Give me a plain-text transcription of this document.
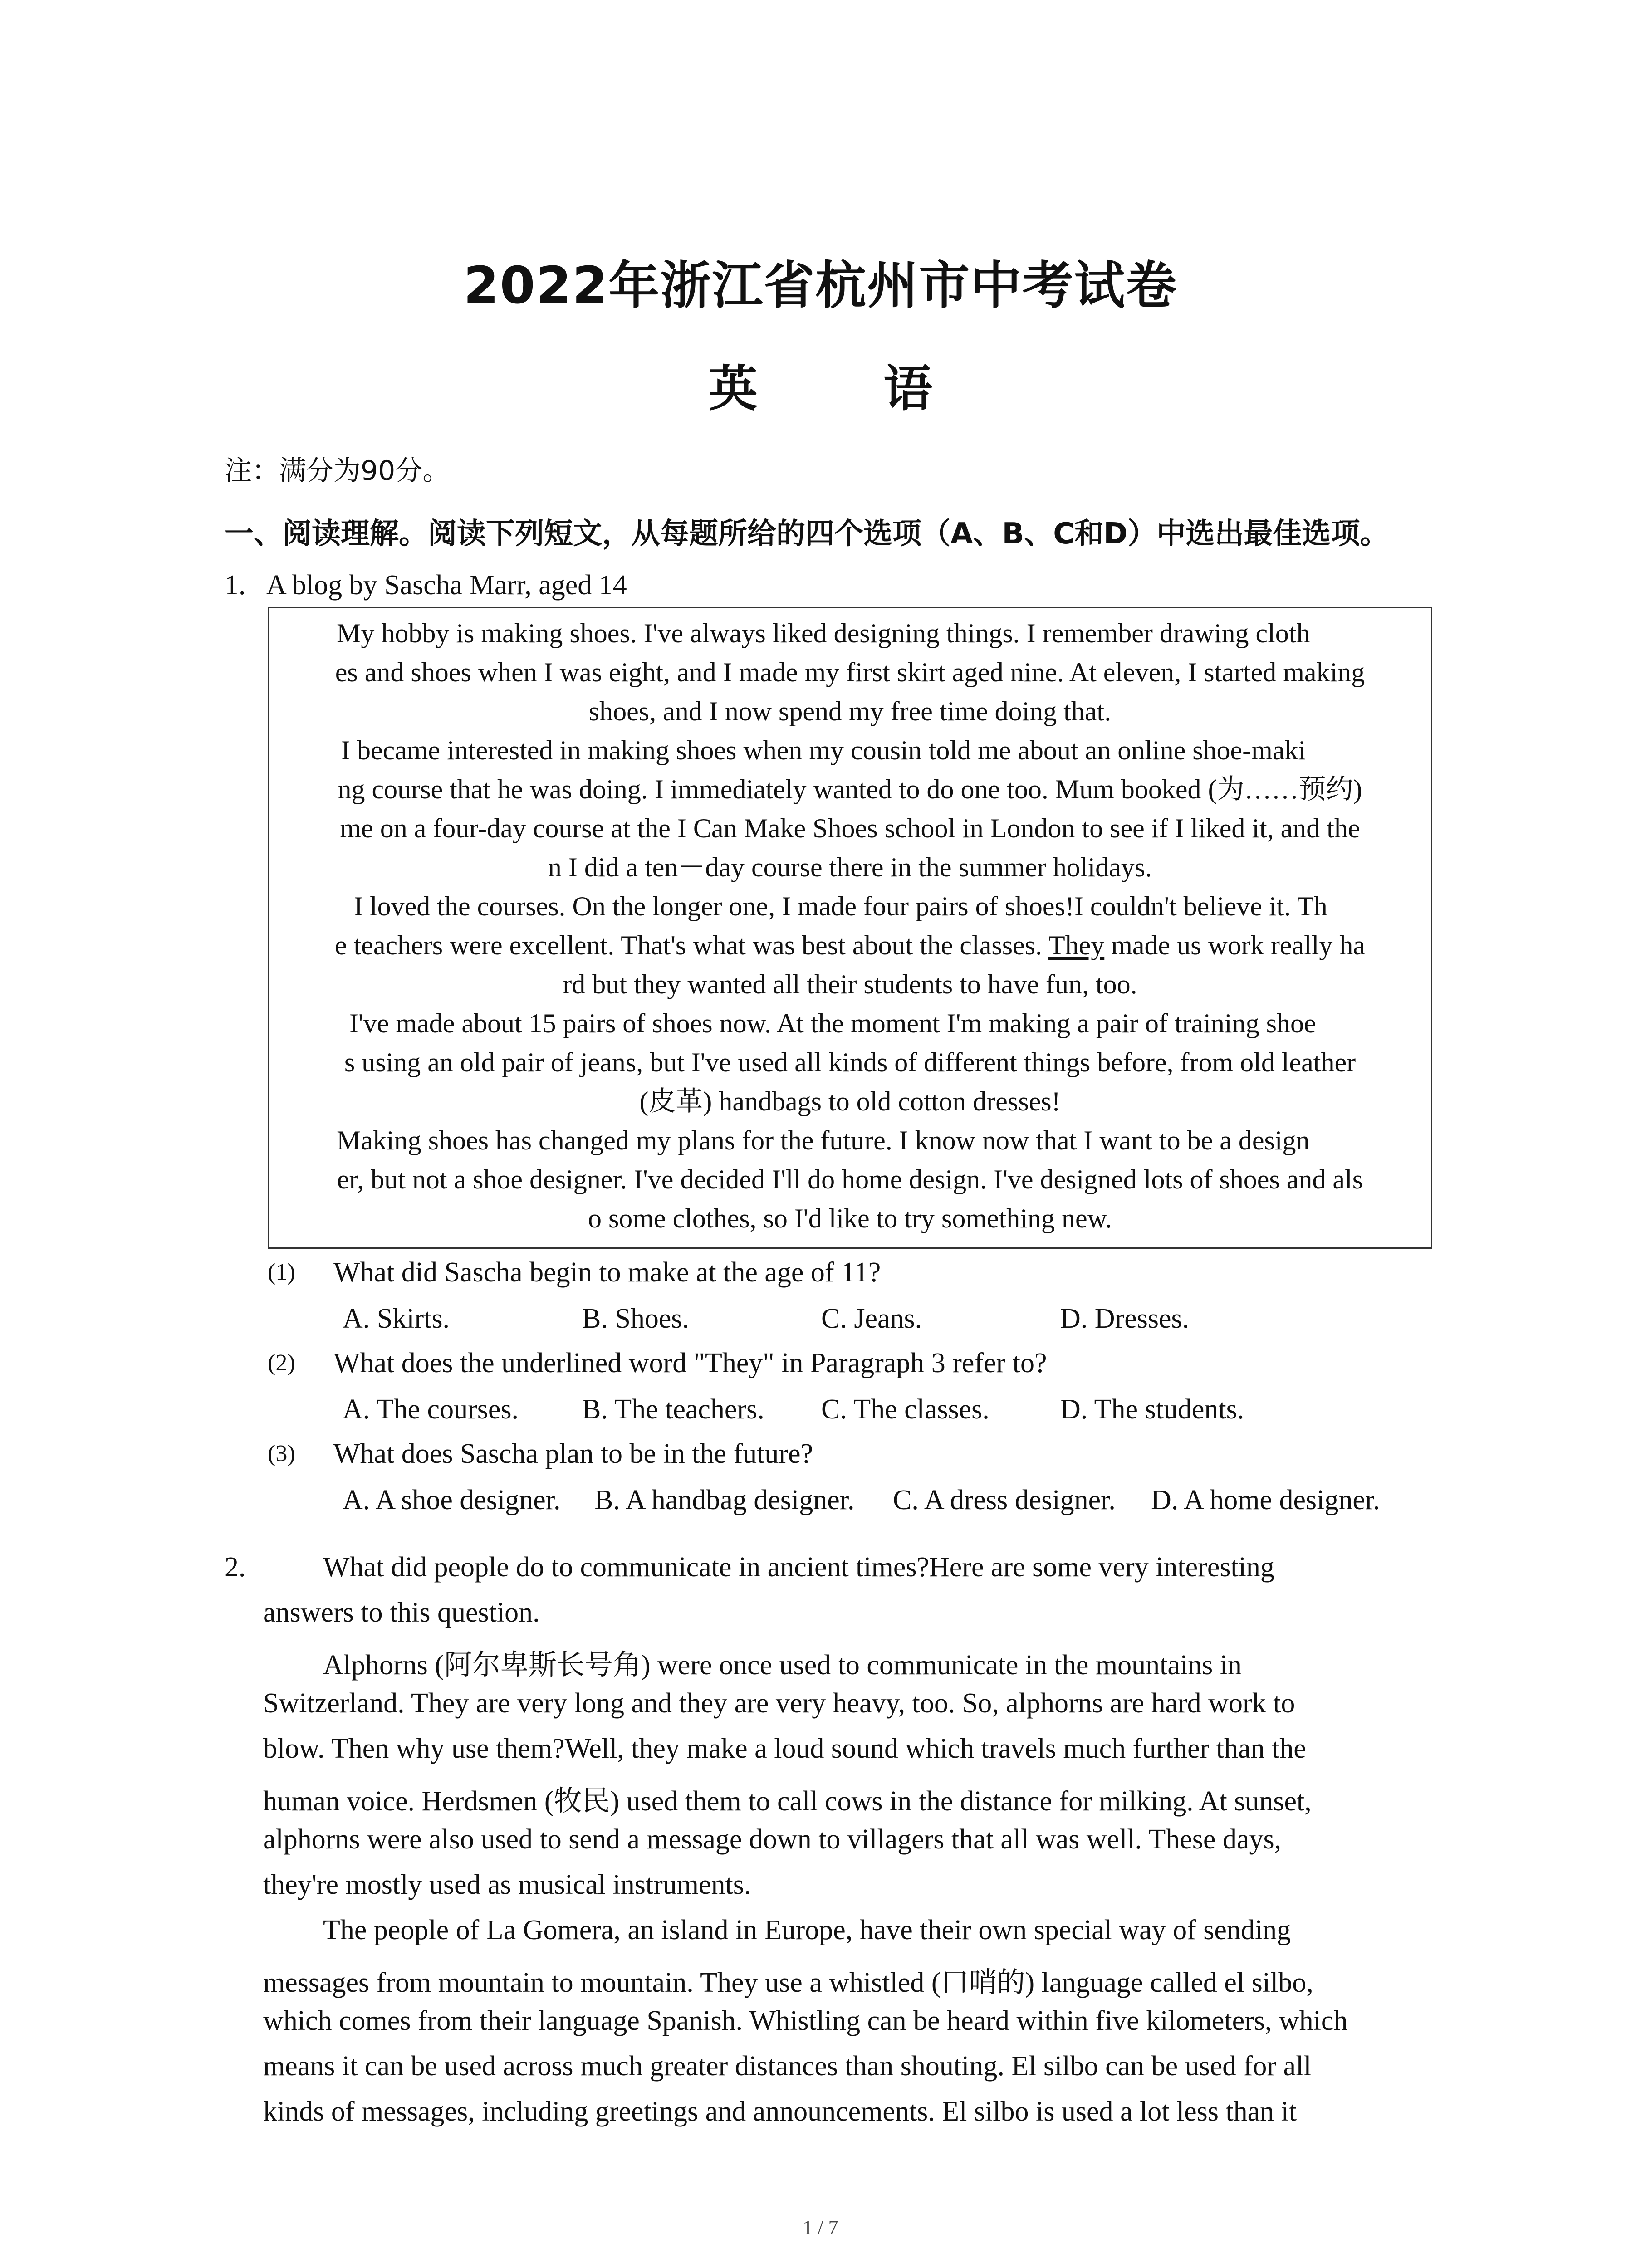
2022年浙江省杭州市中考试卷
英 语
注：满分为90分。
一、阅读理解。阅读下列短文，从每题所给的四个选项（A、B、C和D）中选出最佳选项。
1. A blog by Sascha Marr, aged 14
My hobby is making shoes. I've always liked designing things. I remember drawing cloth
es and shoes when I was eight, and I made my first skirt aged nine. At eleven, I started making
shoes, and I now spend my free time doing that.
I became interested in making shoes when my cousin told me about an online shoe-maki
ng course that he was doing. I immediately wanted to do one too. Mum booked (为……预约)
me on a four-day course at the I Can Make Shoes school in London to see if I liked it, and the
n I did a ten－day course there in the summer holidays.
I loved the courses. On the longer one, I made four pairs of shoes!I couldn't believe it. Th
e teachers were excellent. That's what was best about the classes. They made us work really ha
rd but they wanted all their students to have fun, too.
I've made about 15 pairs of shoes now. At the moment I'm making a pair of training shoe
s using an old pair of jeans, but I've used all kinds of different things before, from old leather
(皮革) handbags to old cotton dresses!
Making shoes has changed my plans for the future. I know now that I want to be a design
er, but not a shoe designer. I've decided I'll do home design. I've designed lots of shoes and als
o some clothes, so I'd like to try something new.
(1) What did Sascha begin to make at the age of 11?
A. Skirts.	B. Shoes.	C. Jeans.	D. Dresses.
(2) What does the underlined word "They" in Paragraph 3 refer to?
A. The courses. B. The teachers. C. The classes.	D. The students.
(3) What does Sascha plan to be in the future?
A. A shoe designer. B. A handbag designer. C. A dress designer. D. A home designer.
2.	What did people do to communicate in ancient times?Here are some very interesting
answers to this question.
Alphorns (阿尔卑斯长号角) were once used to communicate in the mountains in
Switzerland. They are very long and they are very heavy, too. So, alphorns are hard work to
blow. Then why use them?Well, they make a loud sound which travels much further than the
human voice. Herdsmen (牧民) used them to call cows in the distance for milking. At sunset,
alphorns were also used to send a message down to villagers that all was well. These days,
they're mostly used as musical instruments.
The people of La Gomera, an island in Europe, have their own special way of sending
messages from mountain to mountain. They use a whistled (口哨的) language called el silbo,
which comes from their language Spanish. Whistling can be heard within five kilometers, which
means it can be used across much greater distances than shouting. El silbo can be used for all
kinds of messages, including greetings and announcements. El silbo is used a lot less than it
1 / 7
